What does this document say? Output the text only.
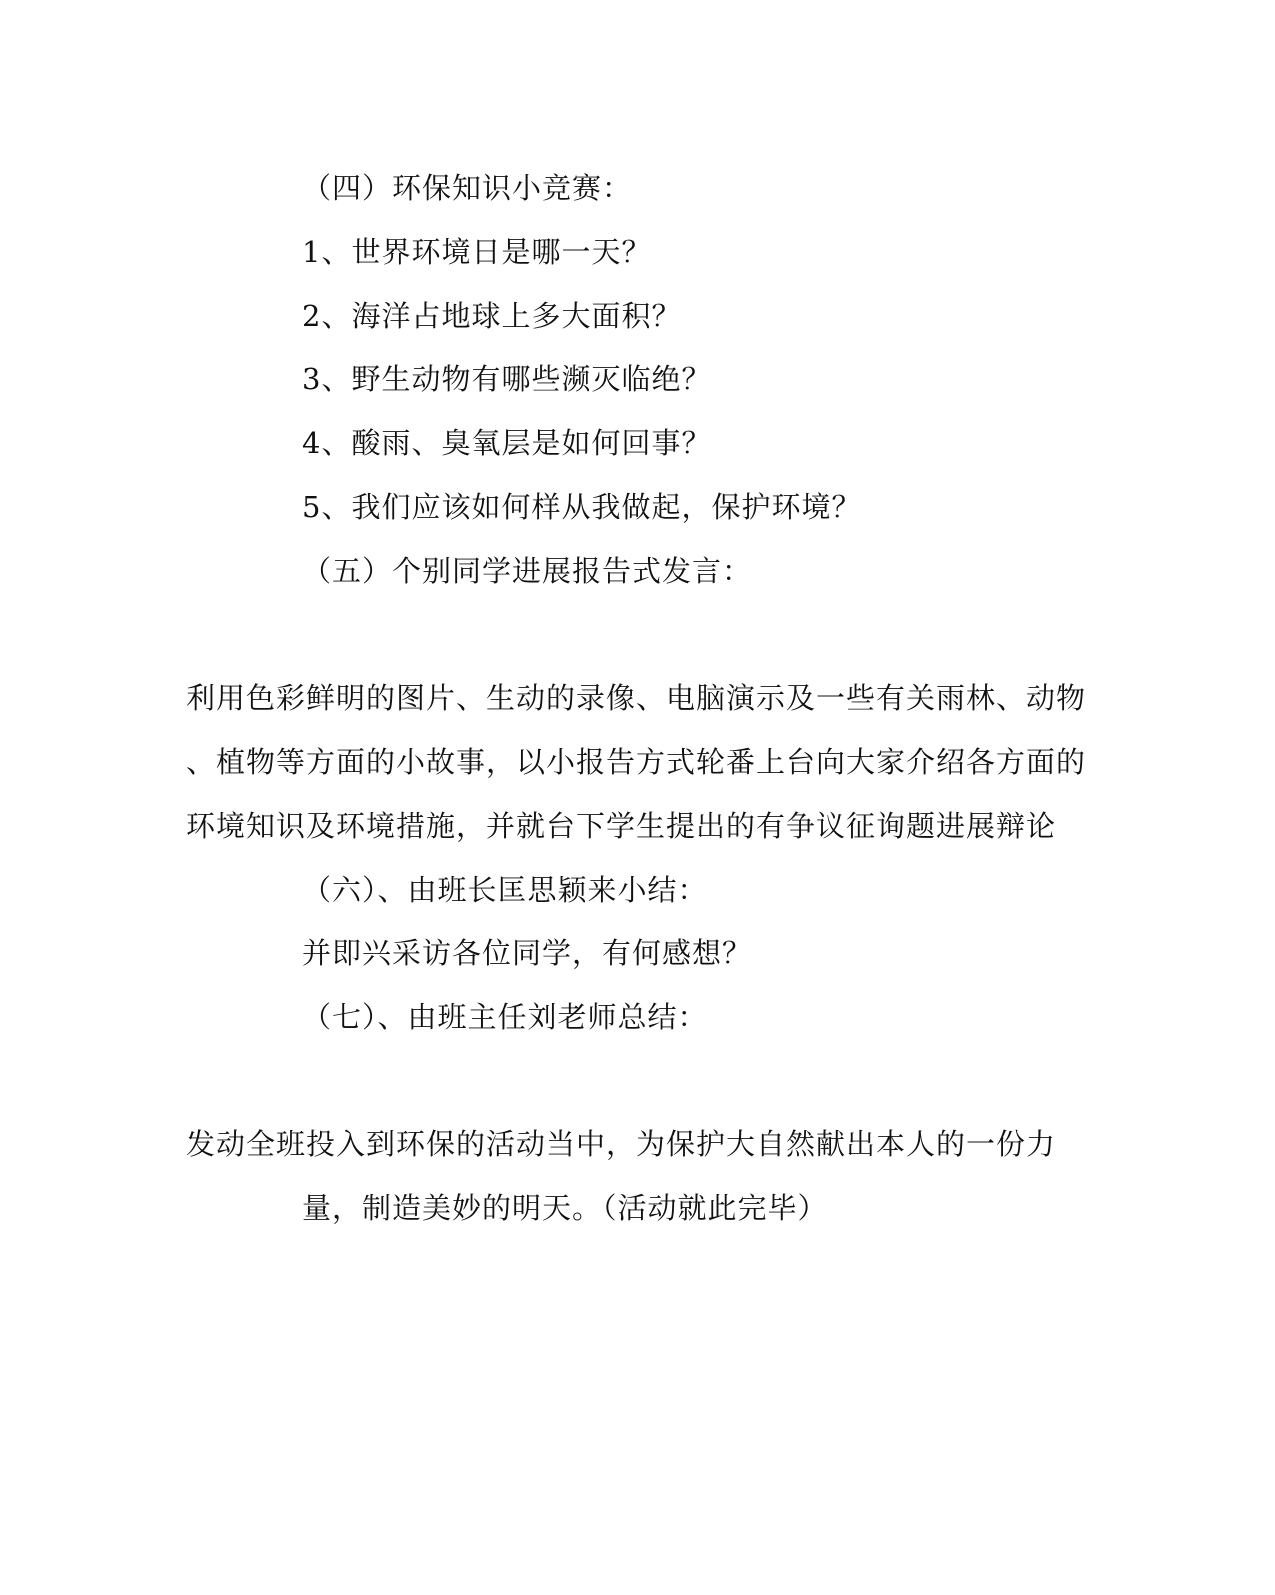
（四）环保知识小竞赛：
1、世界环境日是哪一天？
2、海洋占地球上多大面积？
3、野生动物有哪些濒灭临绝？
4、酸雨、臭氧层是如何回事？
5、我们应该如何样从我做起，保护环境？
（五）个别同学进展报告式发言：
利用色彩鲜明的图片、生动的录像、电脑演示及一些有关雨林、动物
、植物等方面的小故事，以小报告方式轮番上台向大家介绍各方面的
环境知识及环境措施，并就台下学生提出的有争议征询题进展辩论
（六）、由班长匡思颖来小结：
并即兴采访各位同学，有何感想？
（七）、由班主任刘老师总结：
发动全班投入到环保的活动当中，为保护大自然献出本人的一份力
量，制造美妙的明天。（活动就此完毕）
